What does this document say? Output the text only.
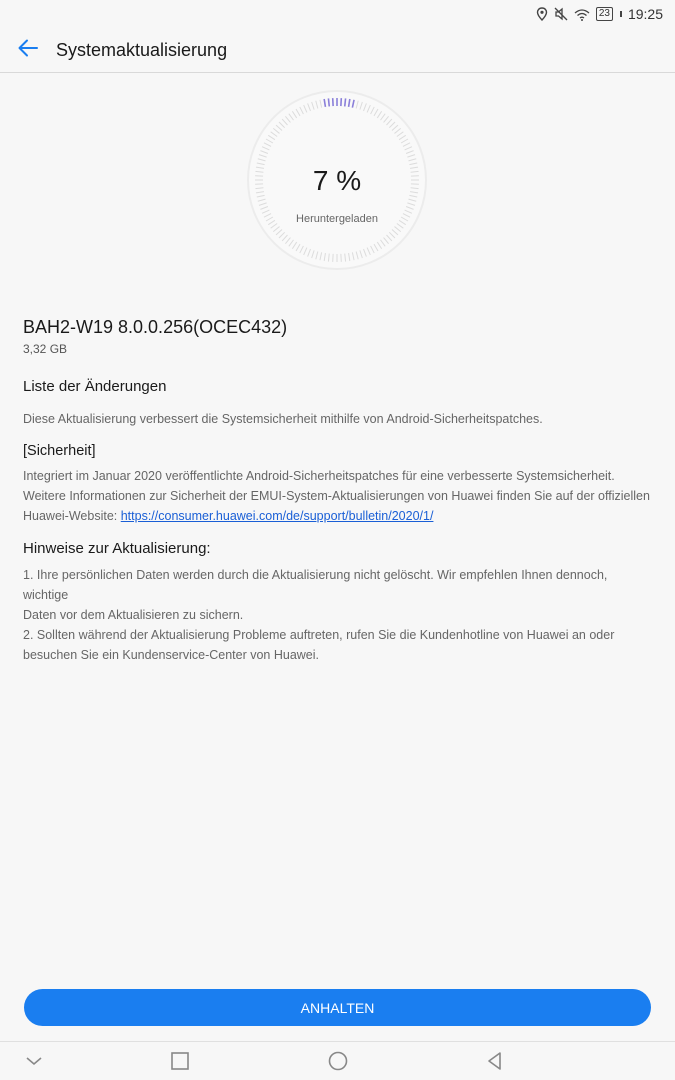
23 19:25
Systemaktualisierung
7 %
Heruntergeladen
BAH2-W19 8.0.0.256(OCEC432)
3,32 GB
Liste der Änderungen
Diese Aktualisierung verbessert die Systemsicherheit mithilfe von Android-Sicherheitspatches.
[Sicherheit]
Integriert im Januar 2020 veröffentlichte Android-Sicherheitspatches für eine verbesserte Systemsicherheit.
Weitere Informationen zur Sicherheit der EMUI-System-Aktualisierungen von Huawei finden Sie auf der offiziellen
Huawei-Website: https://consumer.huawei.com/de/support/bulletin/2020/1/
Hinweise zur Aktualisierung:
1. Ihre persönlichen Daten werden durch die Aktualisierung nicht gelöscht. Wir empfehlen Ihnen dennoch, wichtige
Daten vor dem Aktualisieren zu sichern.
2. Sollten während der Aktualisierung Probleme auftreten, rufen Sie die Kundenhotline von Huawei an oder
besuchen Sie ein Kundenservice-Center von Huawei.
ANHALTEN
